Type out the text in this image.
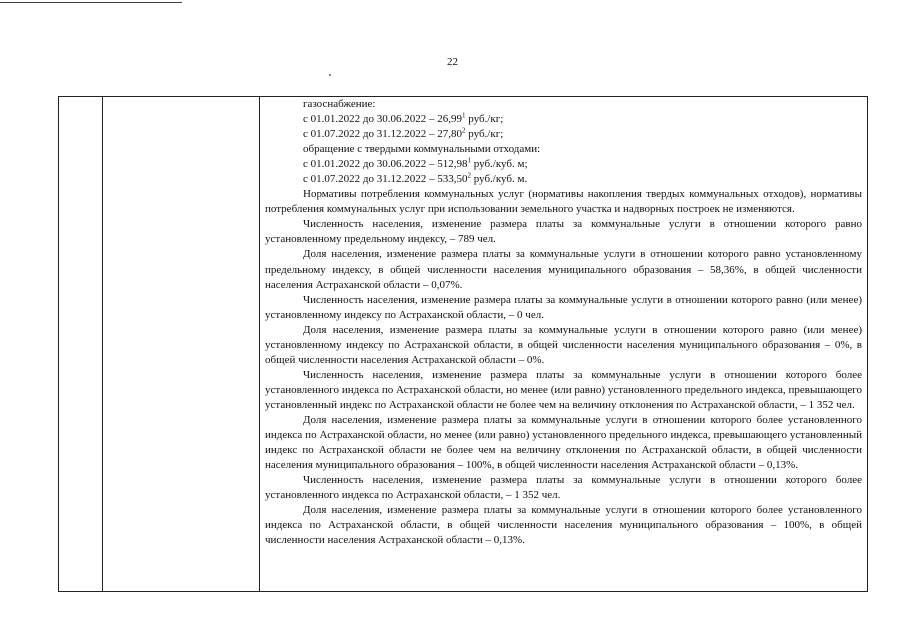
22

газоснабжение:

с 01.01.2022 до 30.06.2022 – 26,99$^1$ руб./кг;

с 01.07.2022 до 31.12.2022 – 27,80$^2$ руб./кг;

обращение с твердыми коммунальными отходами:

с 01.01.2022 до 30.06.2022 – 512,98$^1$ руб./куб. м;

с 01.07.2022 до 31.12.2022 – 533,50$^2$ руб./куб. м.

Нормативы потребления коммунальных услуг (нормативы накопления твердых коммунальных отходов), нормативы потребления коммунальных услуг при использовании земельного участка и надворных построек не изменяются.

Численность населения, изменение размера платы за коммунальные услуги в отношении которого равно установленному предельному индексу, – 789 чел.

Доля населения, изменение размера платы за коммунальные услуги в отношении которого равно установленному предельному индексу, в общей численности населения муниципального образования – 58,36%, в общей численности населения Астраханской области – 0,07%.

Численность населения, изменение размера платы за коммунальные услуги в отношении которого равно (или менее) установленному индексу по Астраханской области, – 0 чел.

Доля населения, изменение размера платы за коммунальные услуги в отношении которого равно (или менее) установленному индексу по Астраханской области, в общей численности населения муниципального образования – 0%, в общей численности населения Астраханской области – 0%.

Численность населения, изменение размера платы за коммунальные услуги в отношении которого более установленного индекса по Астраханской области, но менее (или равно) установленного предельного индекса, превышающего установленный индекс по Астраханской области не более чем на величину отклонения по Астраханской области, – 1 352 чел.

Доля населения, изменение размера платы за коммунальные услуги в отношении которого более установленного индекса по Астраханской области, но менее (или равно) установленного предельного индекса, превышающего установленный индекс по Астраханской области не более чем на величину отклонения по Астраханской области, в общей численности населения муниципального образования – 100%, в общей численности населения Астраханской области – 0,13%.

Численность населения, изменение размера платы за коммунальные услуги в отношении которого более установленного индекса по Астраханской области, – 1 352 чел.

Доля населения, изменение размера платы за коммунальные услуги в отношении которого более установленного индекса по Астраханской области, в общей численности населения муниципального образования – 100%, в общей численности населения Астраханской области – 0,13%.
